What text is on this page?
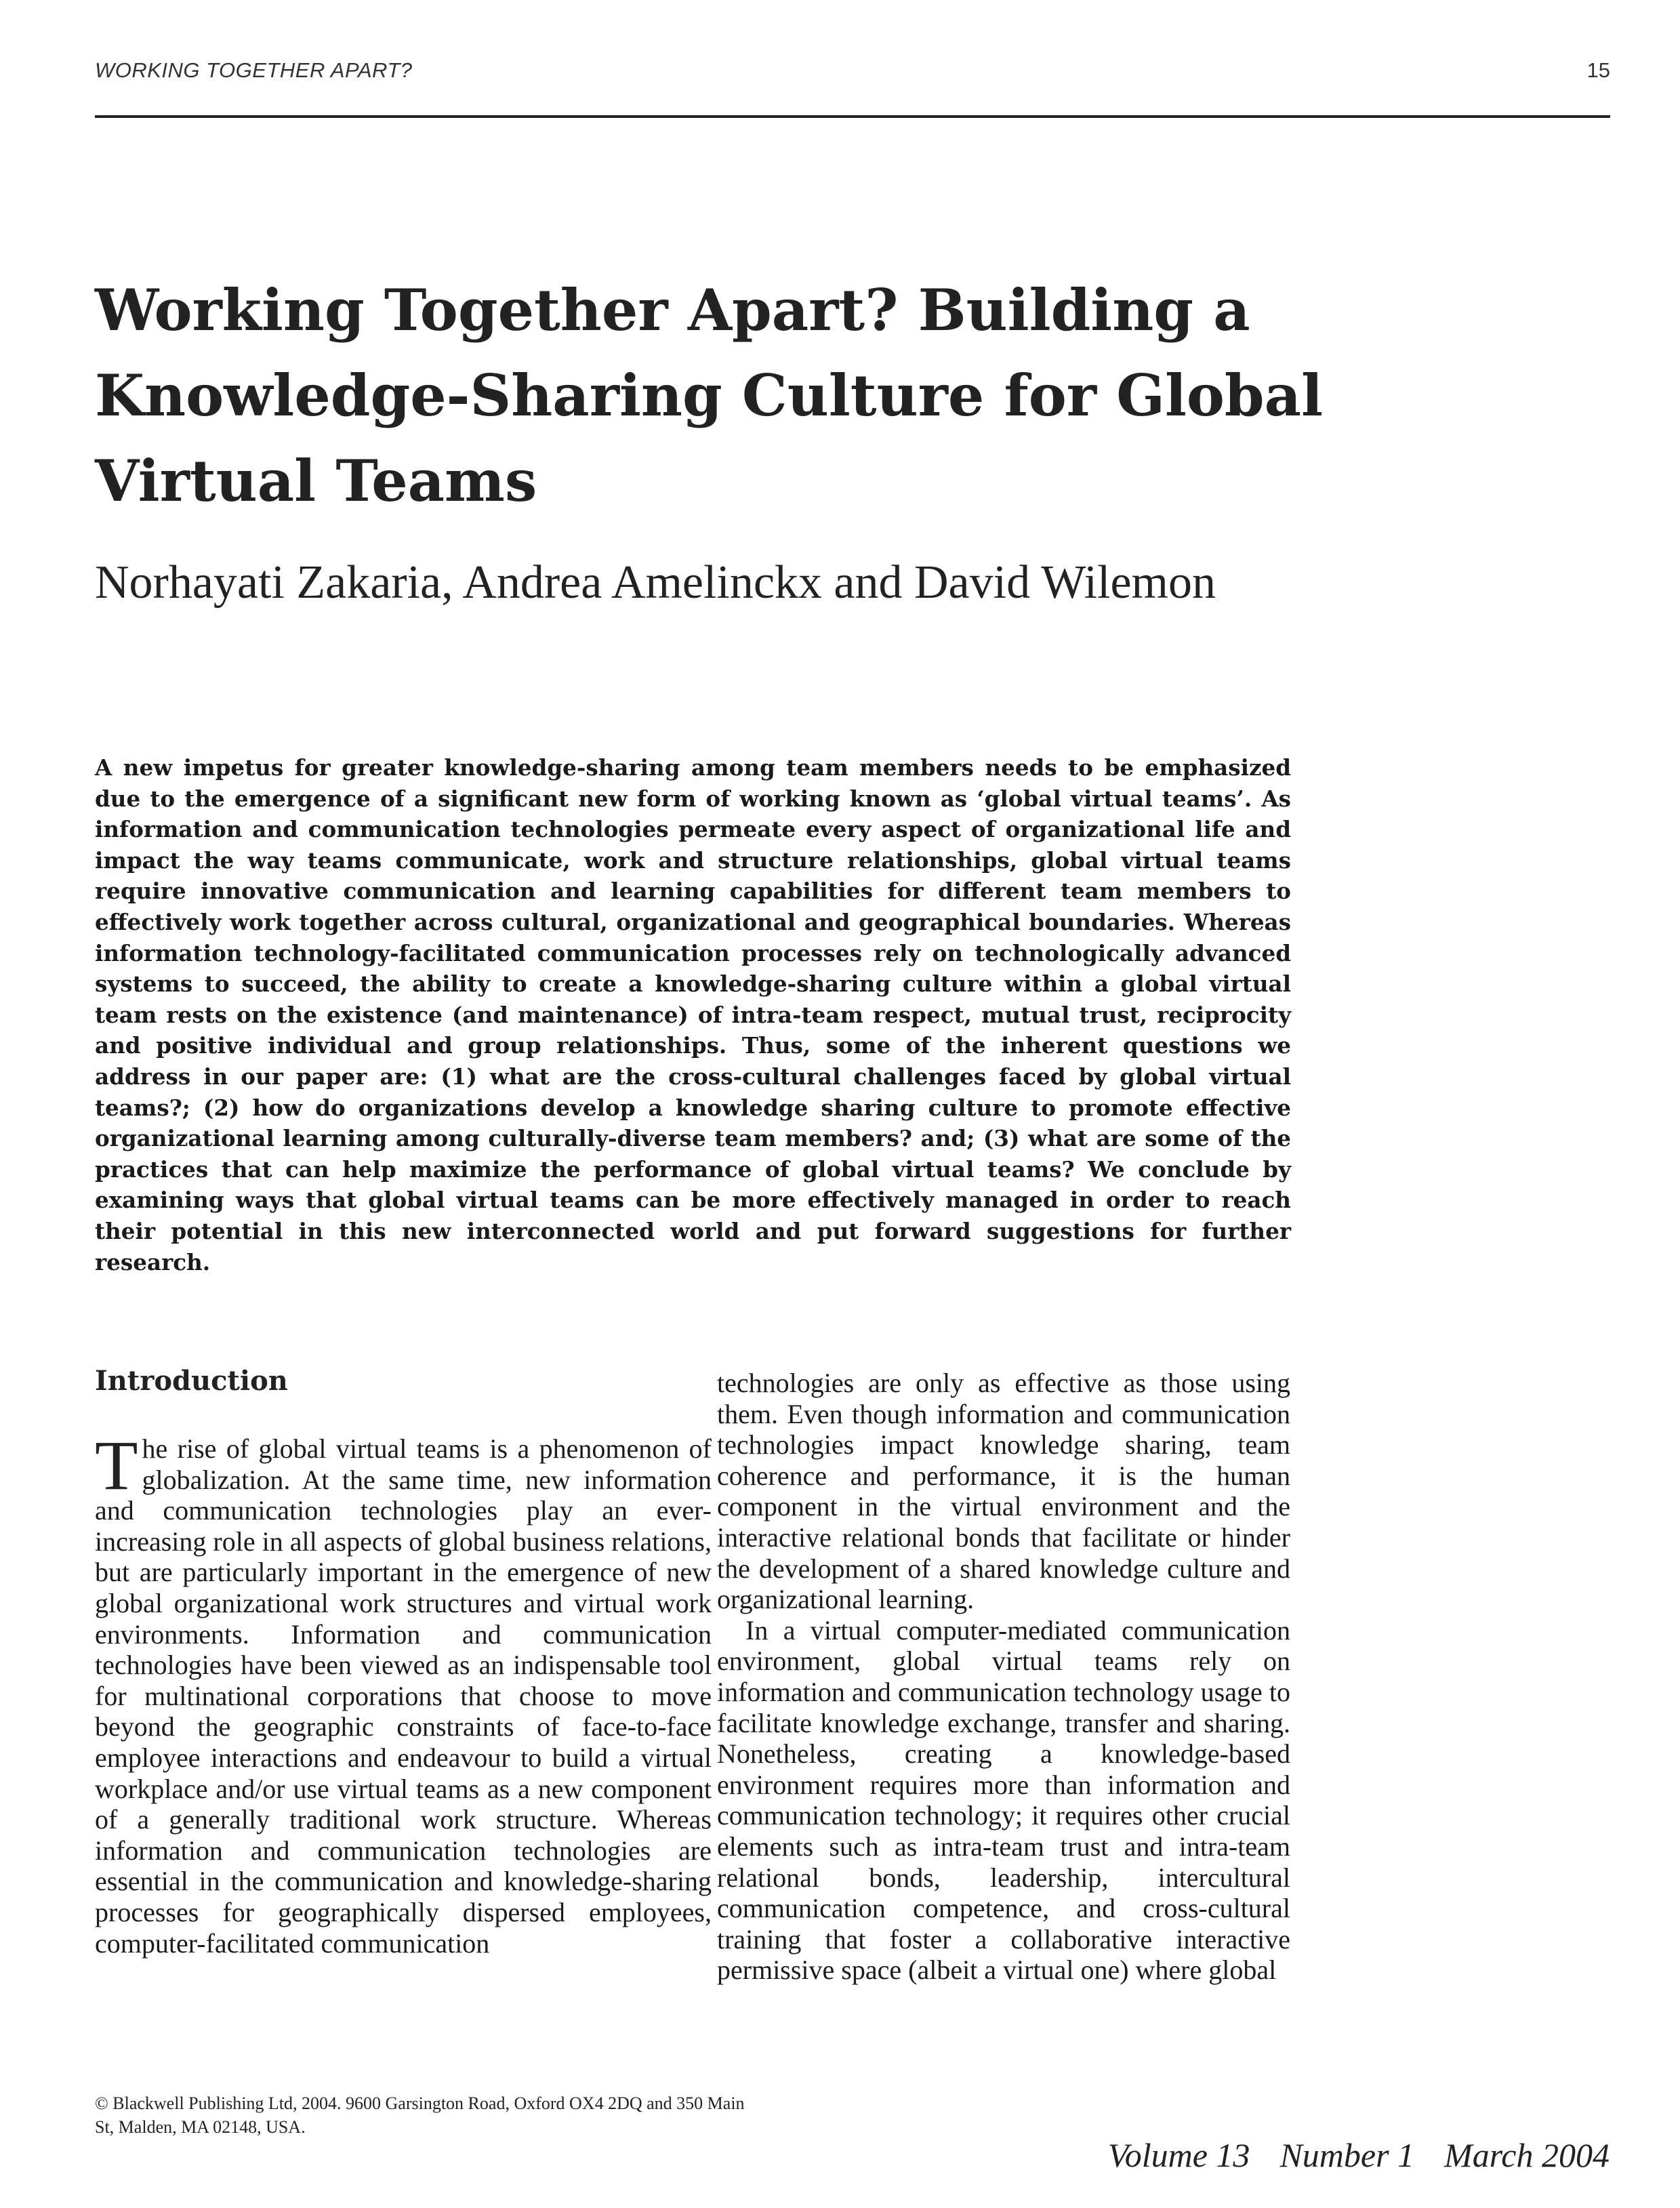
WORKING TOGETHER APART?	15
Working Together Apart? Building a Knowledge-Sharing Culture for Global Virtual Teams

Norhayati Zakaria, Andrea Amelinckx and David Wilemon

A new impetus for greater knowledge-sharing among team members needs to be emphasized due to the emergence of a significant new form of working known as ‘global virtual teams’. As information and communication technologies permeate every aspect of organizational life and impact the way teams communicate, work and structure relationships, global virtual teams require innovative communication and learning capabilities for different team members to effectively work together across cultural, organizational and geographical boundaries. Whereas information technology-facilitated communication processes rely on technologically advanced systems to succeed, the ability to create a knowledge-sharing culture within a global virtual team rests on the existence (and maintenance) of intra-team respect, mutual trust, reciprocity and positive individual and group relationships. Thus, some of the inherent questions we address in our paper are: (1) what are the cross-cultural challenges faced by global virtual teams?; (2) how do organizations develop a knowledge sharing culture to promote effective organizational learning among culturally-diverse team members? and; (3) what are some of the practices that can help maximize the performance of global virtual teams? We conclude by examining ways that global virtual teams can be more effectively managed in order to reach their potential in this new interconnected world and put forward suggestions for further research.

Introduction

The rise of global virtual teams is a phenomenon of globalization. At the same time, new information and communication technologies play an ever-increasing role in all aspects of global business relations, but are particularly important in the emergence of new global organizational work structures and virtual work environments. Information and communication technologies have been viewed as an indispensable tool for multinational corporations that choose to move beyond the geographic constraints of face-to-face employee interactions and endeavour to build a virtual workplace and/or use virtual teams as a new component of a generally traditional work structure. Whereas information and communication technologies are essential in the communication and knowledge-sharing processes for geographically dispersed employees, computer-facilitated communication

technologies are only as effective as those using them. Even though information and communication technologies impact knowledge sharing, team coherence and performance, it is the human component in the virtual environment and the interactive relational bonds that facilitate or hinder the development of a shared knowledge culture and organizational learning.

In a virtual computer-mediated communication environment, global virtual teams rely on information and communication technology usage to facilitate knowledge exchange, transfer and sharing. Nonetheless, creating a knowledge-based environment requires more than information and communication technology; it requires other crucial elements such as intra-team trust and intra-team relational bonds, leadership, intercultural communication competence, and cross-cultural training that foster a collaborative interactive permissive space (albeit a virtual one) where global

© Blackwell Publishing Ltd, 2004. 9600 Garsington Road, Oxford OX4 2DQ and 350 Main St, Malden, MA 02148, USA.

Volume 13 Number 1 March 2004
